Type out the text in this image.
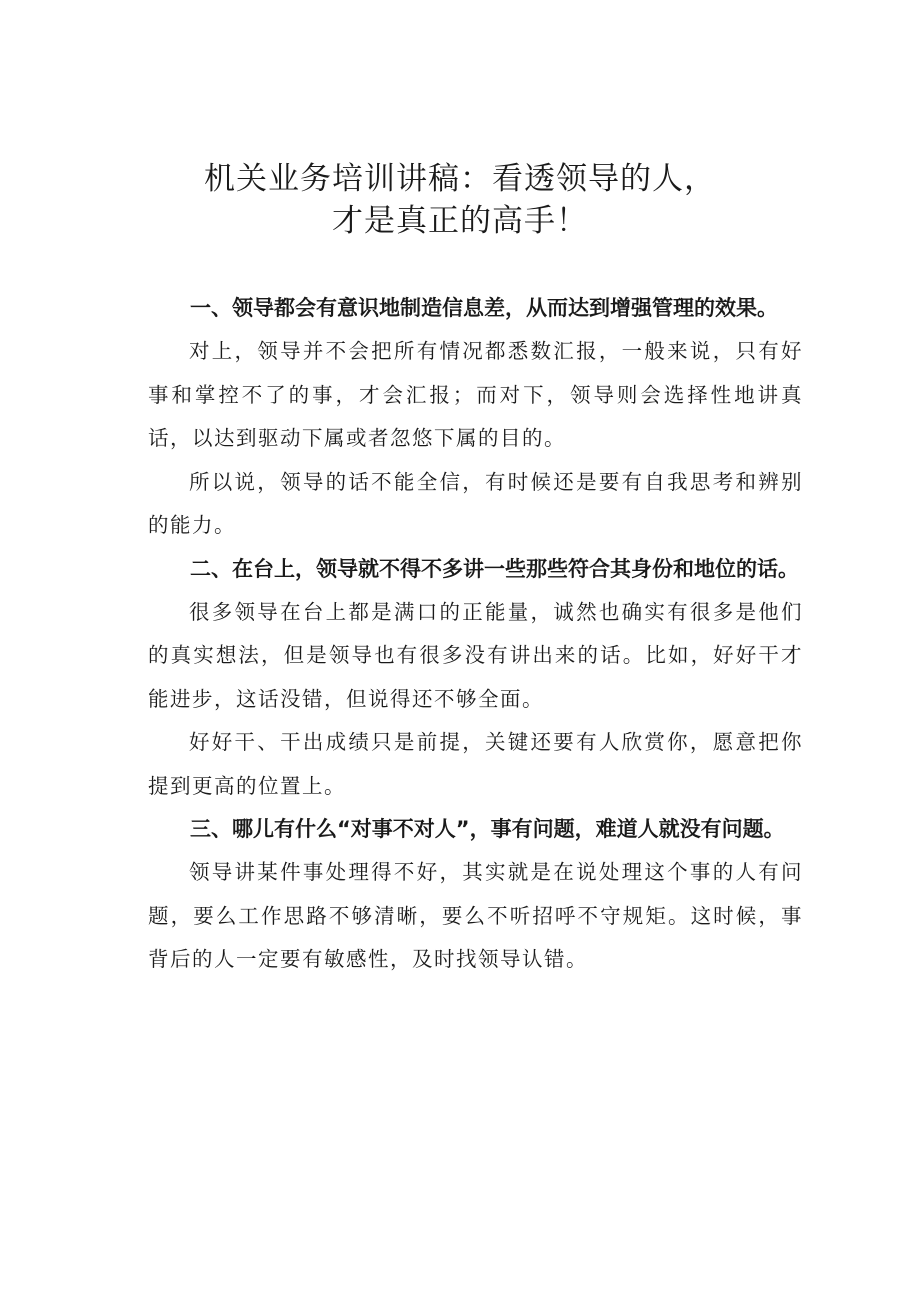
机关业务培训讲稿：看透领导的人，
才是真正的高手！

一、领导都会有意识地制造信息差，从而达到增强管理的效果。

对上，领导并不会把所有情况都悉数汇报，一般来说，只有好事和掌控不了的事，才会汇报；而对下，领导则会选择性地讲真话，以达到驱动下属或者忽悠下属的目的。

所以说，领导的话不能全信，有时候还是要有自我思考和辨别的能力。

二、在台上，领导就不得不多讲一些那些符合其身份和地位的话。

很多领导在台上都是满口的正能量，诚然也确实有很多是他们的真实想法，但是领导也有很多没有讲出来的话。比如，好好干才能进步，这话没错，但说得还不够全面。

好好干、干出成绩只是前提，关键还要有人欣赏你，愿意把你提到更高的位置上。

三、哪儿有什么“对事不对人”，事有问题，难道人就没有问题。

领导讲某件事处理得不好，其实就是在说处理这个事的人有问题，要么工作思路不够清晰，要么不听招呼不守规矩。这时候，事背后的人一定要有敏感性，及时找领导认错。
